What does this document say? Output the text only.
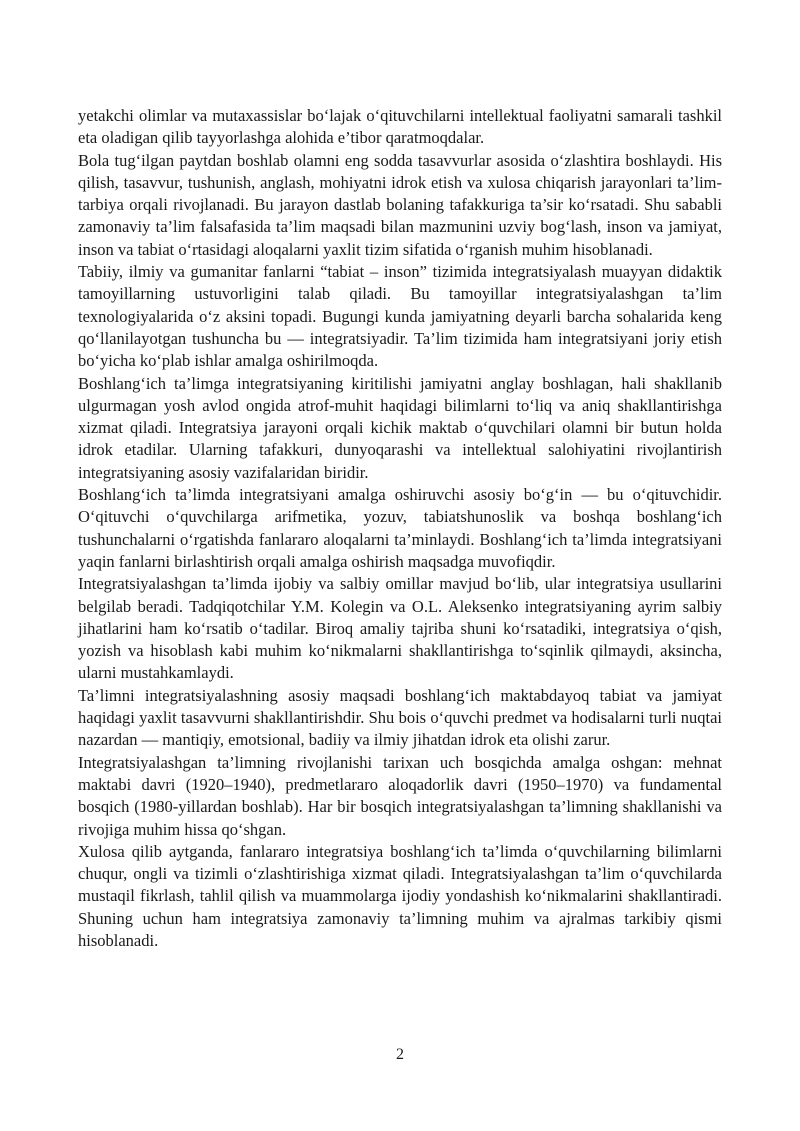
yetakchi olimlar va mutaxassislar bo‘lajak o‘qituvchilarni intellektual faoliyatni samarali tashkil eta oladigan qilib tayyorlashga alohida e’tibor qaratmoqdalar.

Bola tug‘ilgan paytdan boshlab olamni eng sodda tasavvurlar asosida o‘zlashtira boshlaydi. His qilish, tasavvur, tushunish, anglash, mohiyatni idrok etish va xulosa chiqarish jarayonlari ta’lim-tarbiya orqali rivojlanadi. Bu jarayon dastlab bolaning tafakkuriga ta’sir ko‘rsatadi. Shu sababli zamonaviy ta’lim falsafasida ta’lim maqsadi bilan mazmunini uzviy bog‘lash, inson va jamiyat, inson va tabiat o‘rtasidagi aloqalarni yaxlit tizim sifatida o‘rganish muhim hisoblanadi.

Tabiiy, ilmiy va gumanitar fanlarni “tabiat – inson” tizimida integratsiyalash muayyan didaktik tamoyillarning ustuvorligini talab qiladi. Bu tamoyillar integratsiyalashgan ta’lim texnologiyalarida o‘z aksini topadi. Bugungi kunda jamiyatning deyarli barcha sohalarida keng qo‘llanilayotgan tushuncha bu — integratsiyadir. Ta’lim tizimida ham integratsiyani joriy etish bo‘yicha ko‘plab ishlar amalga oshirilmoqda.

Boshlang‘ich ta’limga integratsiyaning kiritilishi jamiyatni anglay boshlagan, hali shakllanib ulgurmagan yosh avlod ongida atrof-muhit haqidagi bilimlarni to‘liq va aniq shakllantirishga xizmat qiladi. Integratsiya jarayoni orqali kichik maktab o‘quvchilari olamni bir butun holda idrok etadilar. Ularning tafakkuri, dunyoqarashi va intellektual salohiyatini rivojlantirish integratsiyaning asosiy vazifalaridan biridir.

Boshlang‘ich ta’limda integratsiyani amalga oshiruvchi asosiy bo‘g‘in — bu o‘qituvchidir. O‘qituvchi o‘quvchilarga arifmetika, yozuv, tabiatshunoslik va boshqa boshlang‘ich tushunchalarni o‘rgatishda fanlararo aloqalarni ta’minlaydi. Boshlang‘ich ta’limda integratsiyani yaqin fanlarni birlashtirish orqali amalga oshirish maqsadga muvofiqdir.

Integratsiyalashgan ta’limda ijobiy va salbiy omillar mavjud bo‘lib, ular integratsiya usullarini belgilab beradi. Tadqiqotchilar Y.M. Kolegin va O.L. Aleksenko integratsiyaning ayrim salbiy jihatlarini ham ko‘rsatib o‘tadilar. Biroq amaliy tajriba shuni ko‘rsatadiki, integratsiya o‘qish, yozish va hisoblash kabi muhim ko‘nikmalarni shakllantirishga to‘sqinlik qilmaydi, aksincha, ularni mustahkamlaydi.

Ta’limni integratsiyalashning asosiy maqsadi boshlang‘ich maktabdayoq tabiat va jamiyat haqidagi yaxlit tasavvurni shakllantirishdir. Shu bois o‘quvchi predmet va hodisalarni turli nuqtai nazardan — mantiqiy, emotsional, badiiy va ilmiy jihatdan idrok eta olishi zarur.

Integratsiyalashgan ta’limning rivojlanishi tarixan uch bosqichda amalga oshgan: mehnat maktabi davri (1920–1940), predmetlararo aloqadorlik davri (1950–1970) va fundamental bosqich (1980-yillardan boshlab). Har bir bosqich integratsiyalashgan ta’limning shakllanishi va rivojiga muhim hissa qo‘shgan.

Xulosa qilib aytganda, fanlararo integratsiya boshlang‘ich ta’limda o‘quvchilarning bilimlarni chuqur, ongli va tizimli o‘zlashtirishiga xizmat qiladi. Integratsiyalashgan ta’lim o‘quvchilarda mustaqil fikrlash, tahlil qilish va muammolarga ijodiy yondashish ko‘nikmalarini shakllantiradi. Shuning uchun ham integratsiya zamonaviy ta’limning muhim va ajralmas tarkibiy qismi hisoblanadi.

2
